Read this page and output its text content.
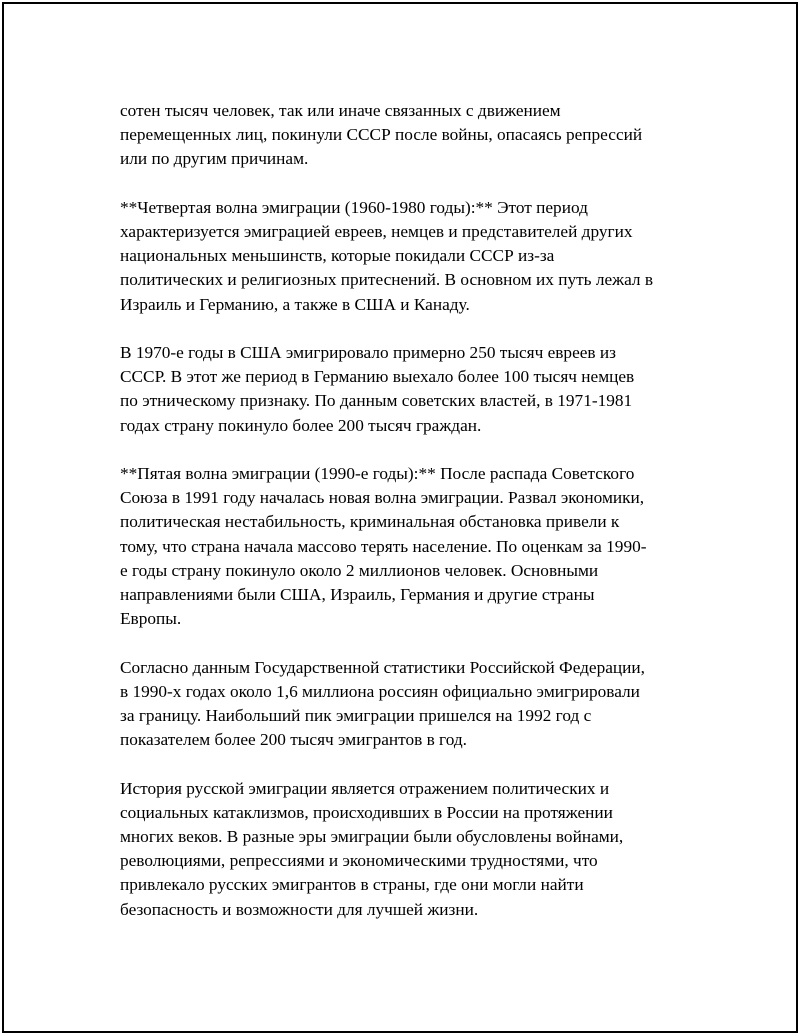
сотен тысяч человек, так или иначе связанных с движением
перемещенных лиц, покинули СССР после войны, опасаясь репрессий
или по другим причинам.

**Четвертая волна эмиграции (1960-1980 годы):** Этот период
характеризуется эмиграцией евреев, немцев и представителей других
национальных меньшинств, которые покидали СССР из-за
политических и религиозных притеснений. В основном их путь лежал в
Израиль и Германию, а также в США и Канаду.

В 1970-е годы в США эмигрировало примерно 250 тысяч евреев из
СССР. В этот же период в Германию выехало более 100 тысяч немцев
по этническому признаку. По данным советских властей, в 1971-1981
годах страну покинуло более 200 тысяч граждан.

**Пятая волна эмиграции (1990-е годы):** После распада Советского
Союза в 1991 году началась новая волна эмиграции. Развал экономики,
политическая нестабильность, криминальная обстановка привели к
тому, что страна начала массово терять население. По оценкам за 1990-
е годы страну покинуло около 2 миллионов человек. Основными
направлениями были США, Израиль, Германия и другие страны
Европы.

Согласно данным Государственной статистики Российской Федерации,
в 1990-х годах около 1,6 миллиона россиян официально эмигрировали
за границу. Наибольший пик эмиграции пришелся на 1992 год с
показателем более 200 тысяч эмигрантов в год.

История русской эмиграции является отражением политических и
социальных катаклизмов, происходивших в России на протяжении
многих веков. В разные эры эмиграции были обусловлены войнами,
революциями, репрессиями и экономическими трудностями, что
привлекало русских эмигрантов в страны, где они могли найти
безопасность и возможности для лучшей жизни.
